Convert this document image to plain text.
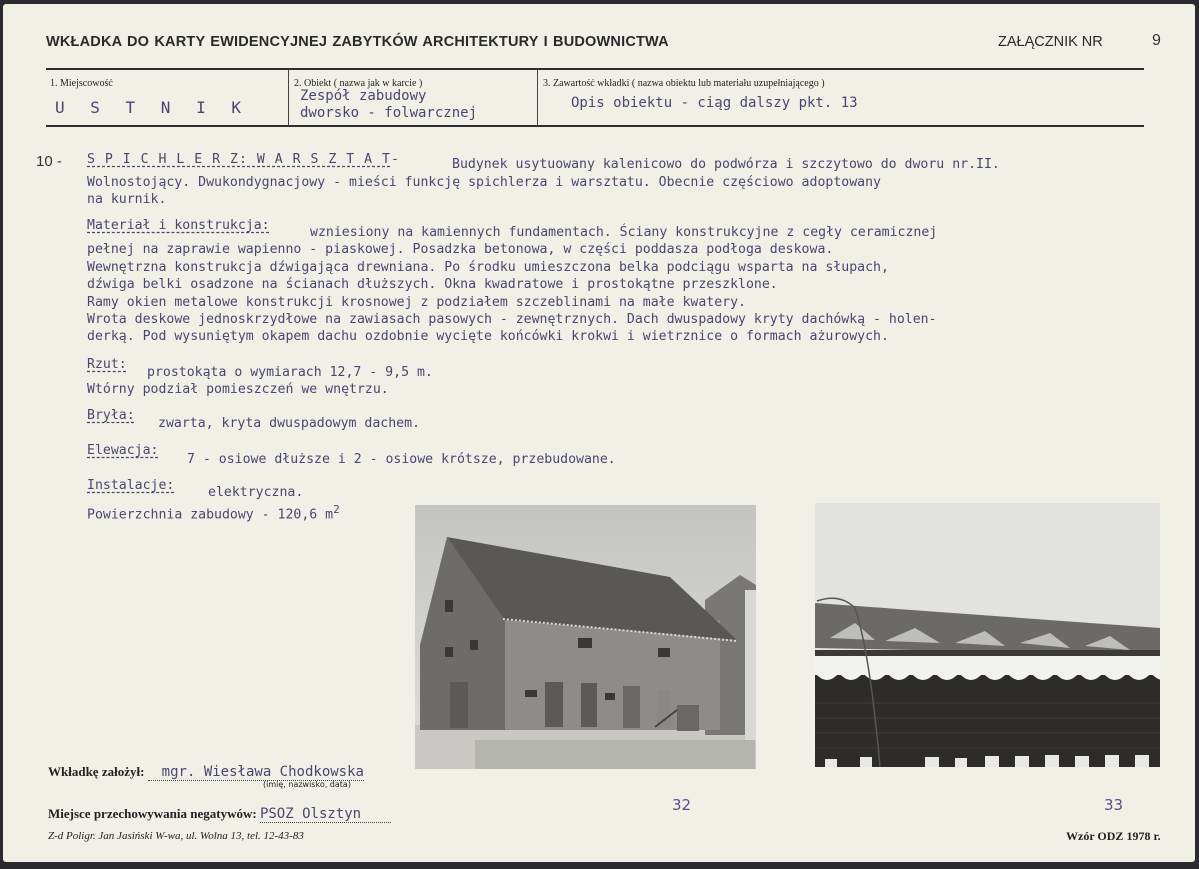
WKŁADKA DO KARTY EWIDENCYJNEJ ZABYTKÓW ARCHITEKTURY I BUDOWNICTWA	ZAŁĄCZNIK NR	9
1. Miejscowość	2. Obiekt ( nazwa jak w karcie )	3. Zawartość wkładki ( nazwa obiektu lub materiału uzupełniającego )
U S T N I K
Zespół zabudowy
dworsko - folwarcznej
Opis obiektu - ciąg dalszy pkt. 13
10 - S P I C H L E R Z: W A R S Z T A T-	Budynek usytuowany kalenicowo do podwórza i szczytowo do dworu nr.II.
Wolnostojący. Dwukondygnacjowy - mieści funkcję spichlerza i warsztatu. Obecnie częściowo adoptowany
na kurnik.
Materiał i konstrukcja:	wzniesiony na kamiennych fundamentach. Ściany konstrukcyjne z cegły ceramicznej
pełnej na zaprawie wapienno - piaskowej. Posadzka betonowa, w części poddasza podłoga deskowa.
Wewnętrzna konstrukcja dźwigająca drewniana. Po środku umieszczona belka podciągu wsparta na słupach,
dźwiga belki osadzone na ścianach dłuższych. Okna kwadratowe i prostokątne przeszklone.
Ramy okien metalowe konstrukcji krosnowej z podziałem szczeblinami na małe kwatery.
Wrota deskowe jednoskrzydłowe na zawiasach pasowych - zewnętrznych. Dach dwuspadowy kryty dachówką - holen-
derką. Pod wysuniętym okapem dachu ozdobnie wycięte końcówki krokwi i wietrznice o formach ażurowych.
Rzut:
prostokąta o wymiarach 12,7 - 9,5 m.
Wtórny podział pomieszczeń we wnętrzu.
Bryła:
zwarta, kryta dwuspadowym dachem.
Elewacja:
7 - osiowe dłuższe i 2 - osiowe krótsze, przebudowane.
Instalacje:	elektryczna.
Powierzchnia zabudowy - 120,6 $m^2$
32	33
Wkładkę założył: mgr. Wiesława Chodkowska
(imię, nazwisko, data)
Miejsce przechowywania negatywów: PSOZ Olsztyn
Z-d Poligr. Jan Jasiński W-wa, ul. Wolna 13, tel. 12-43-83	Wzór ODZ 1978 r.
